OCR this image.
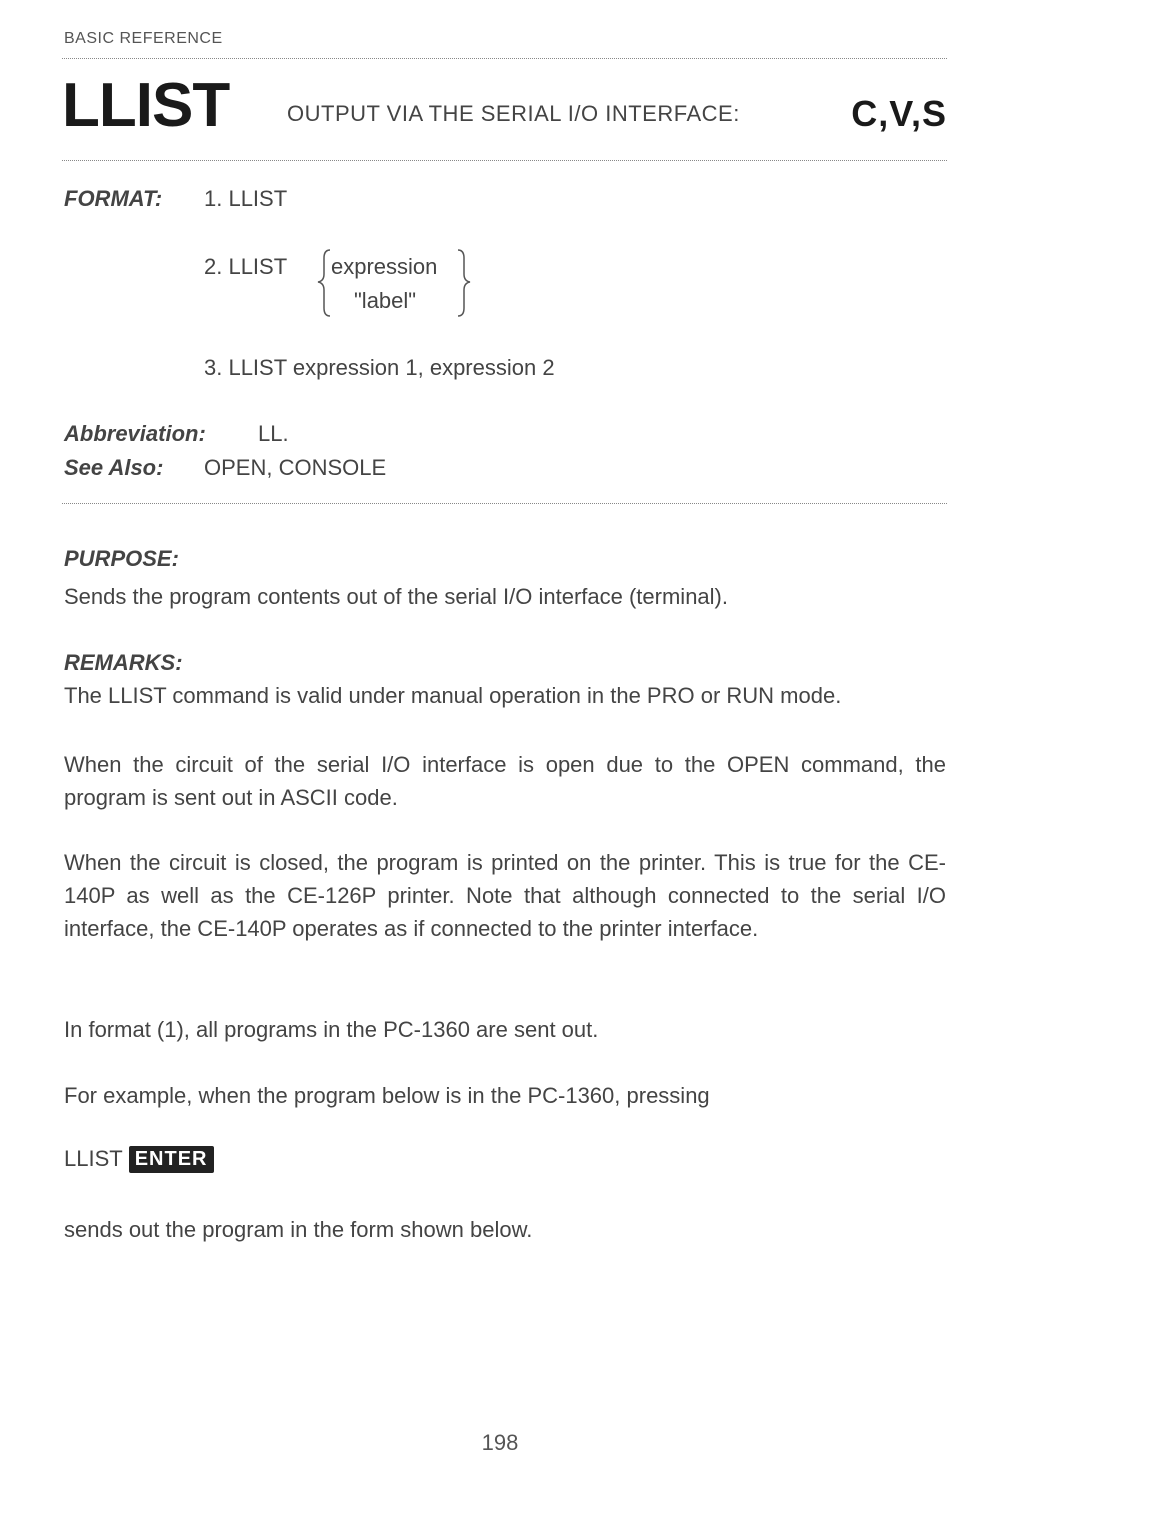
BASIC REFERENCE
LLIST	OUTPUT VIA THE SERIAL I/O INTERFACE:	C,V,S
FORMAT: 1. LLIST
2. LLIST expression
"label"
3. LLIST expression 1, expression 2
Abbreviation: LL.
See Also: OPEN, CONSOLE
PURPOSE:
Sends the program contents out of the serial I/O interface (terminal).
REMARKS:
The LLIST command is valid under manual operation in the PRO or RUN mode.
When the circuit of the serial I/O interface is open due to the OPEN command, the program is sent out in ASCII code.
When the circuit is closed, the program is printed on the printer. This is true for the CE-140P as well as the CE-126P printer. Note that although connected to the serial I/O interface, the CE-140P operates as if connected to the printer interface.
In format (1), all programs in the PC-1360 are sent out.
For example, when the program below is in the PC-1360, pressing
LLIST ENTER
sends out the program in the form shown below.
198
